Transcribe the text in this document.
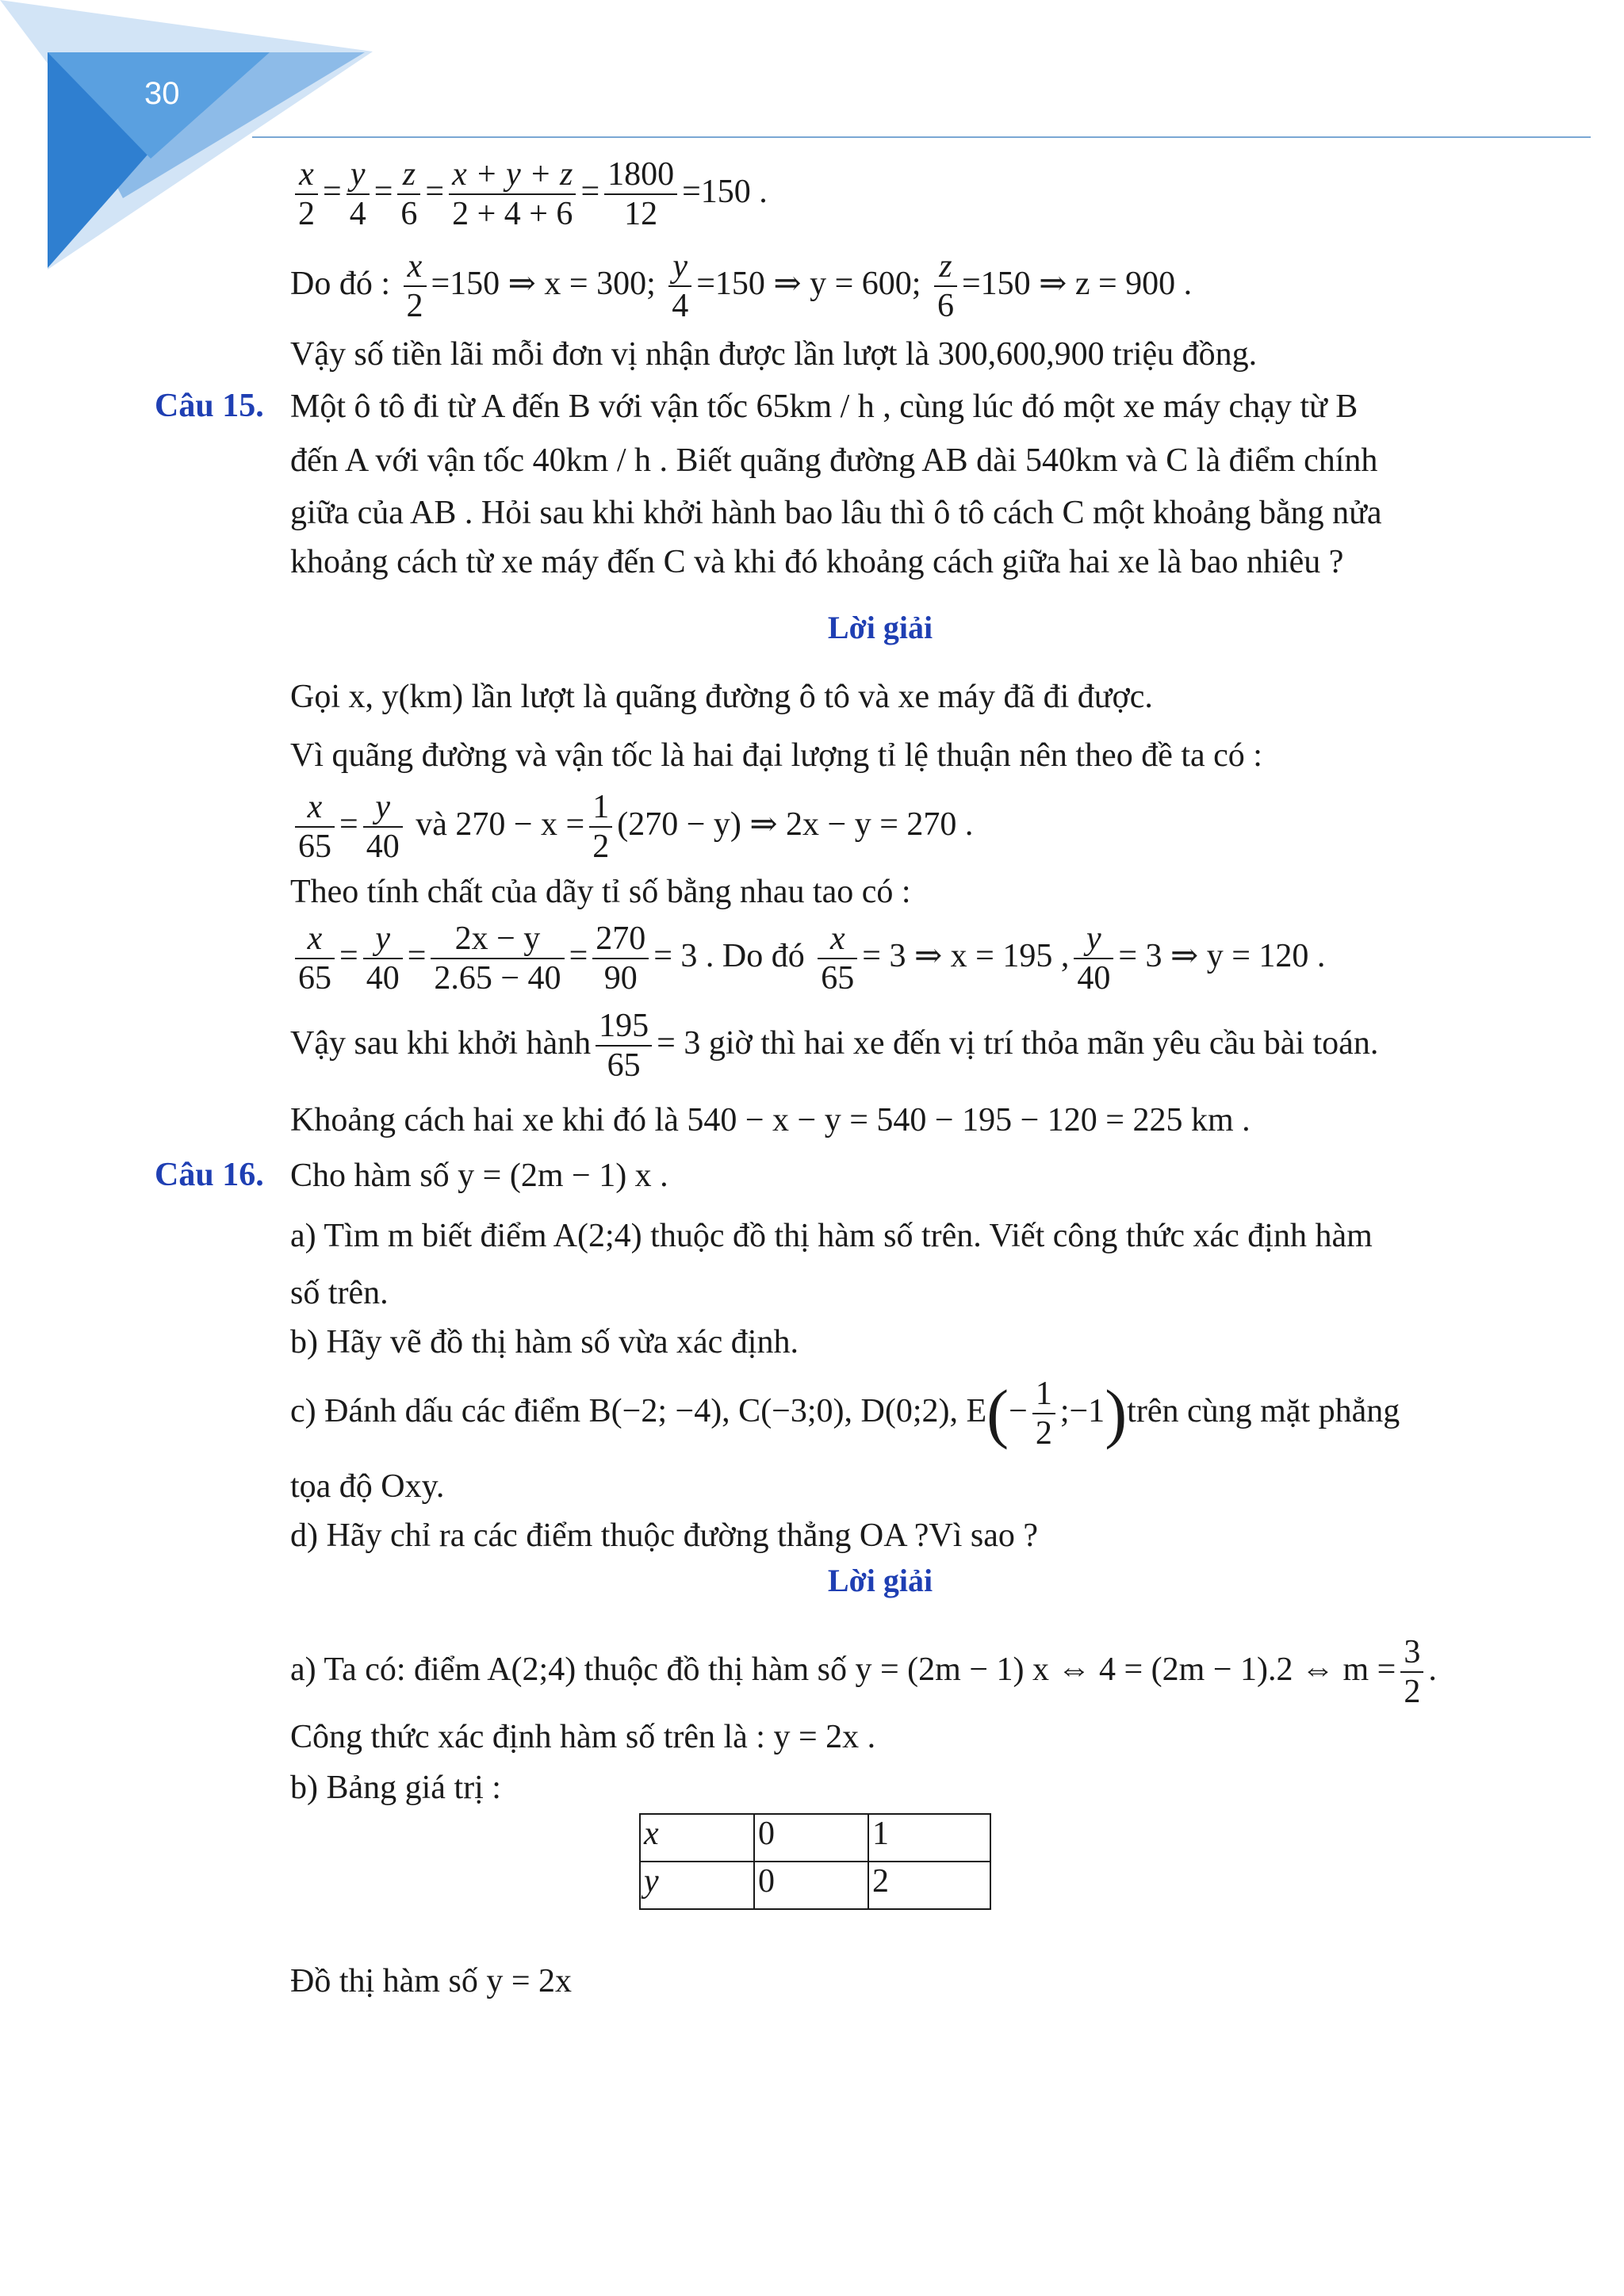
30
$\frac{x}{2} = \frac{y}{4} = \frac{z}{6} = \frac{x + y + z}{2 + 4 + 6} = \frac{1800}{12} =150$ .
Do đó : $\frac{x}{2} =150$ ⇒ x = 300; $\frac{y}{4} =150$ ⇒ y = 600; $\frac{z}{6} =150$ ⇒ z = 900 .
Vậy số tiền lãi mỗi đơn vị nhận được lần lượt là 300,600,900 triệu đồng.
Câu 15. Một ô tô đi từ A đến B với vận tốc 65km / h , cùng lúc đó một xe máy chạy từ B
đến A với vận tốc 40km / h . Biết quãng đường AB dài 540km và C là điểm chính
giữa của AB . Hỏi sau khi khởi hành bao lâu thì ô tô cách C một khoảng bằng nửa
khoảng cách từ xe máy đến C và khi đó khoảng cách giữa hai xe là bao nhiêu ?
Lời giải
Gọi x, y(km) lần lượt là quãng đường ô tô và xe máy đã đi được.
Vì quãng đường và vận tốc là hai đại lượng tỉ lệ thuận nên theo đề ta có :
$\frac{x}{65} = \frac{y}{40}$ và $270 - x = \frac{1}{2} (270 - y)$ ⇒ 2x − y = 270 .
Theo tính chất của dãy tỉ số bằng nhau tao có :
$\frac{x}{65} = \frac{y}{40} = \frac{2x - y}{2.65 - 40} = \frac{270}{90} = 3$ . Do đó $\frac{x}{65} = 3$ ⇒ x = 195 , $\frac{y}{40} = 3$ ⇒ y = 120 .
Vậy sau khi khởi hành $\frac{195}{65} = 3$ giờ thì hai xe đến vị trí thỏa mãn yêu cầu bài toán.
Khoảng cách hai xe khi đó là 540 − x − y = 540 − 195 − 120 = 225 km .
Câu 16. Cho hàm số y = (2m − 1) x .
a) Tìm m biết điểm A(2;4) thuộc đồ thị hàm số trên. Viết công thức xác định hàm
số trên.
b) Hãy vẽ đồ thị hàm số vừa xác định.
c) Đánh dấu các điểm B(−2; −4), C(−3;0), D(0;2), $E(- \frac{1}{2}$ ;−1)trên cùng mặt phẳng
tọa độ Oxy.
d) Hãy chỉ ra các điểm thuộc đường thẳng OA ?Vì sao ?
Lời giải
a) Ta có: điểm A(2;4) thuộc đồ thị hàm số y = (2m − 1) x ⇔ 4 = (2m − 1).2 ⇔ $m = \frac{3}{2}$ .
Công thức xác định hàm số trên là : y = 2x .
b) Bảng giá trị :
x	0	1
y	0	2
Đồ thị hàm số y = 2x
